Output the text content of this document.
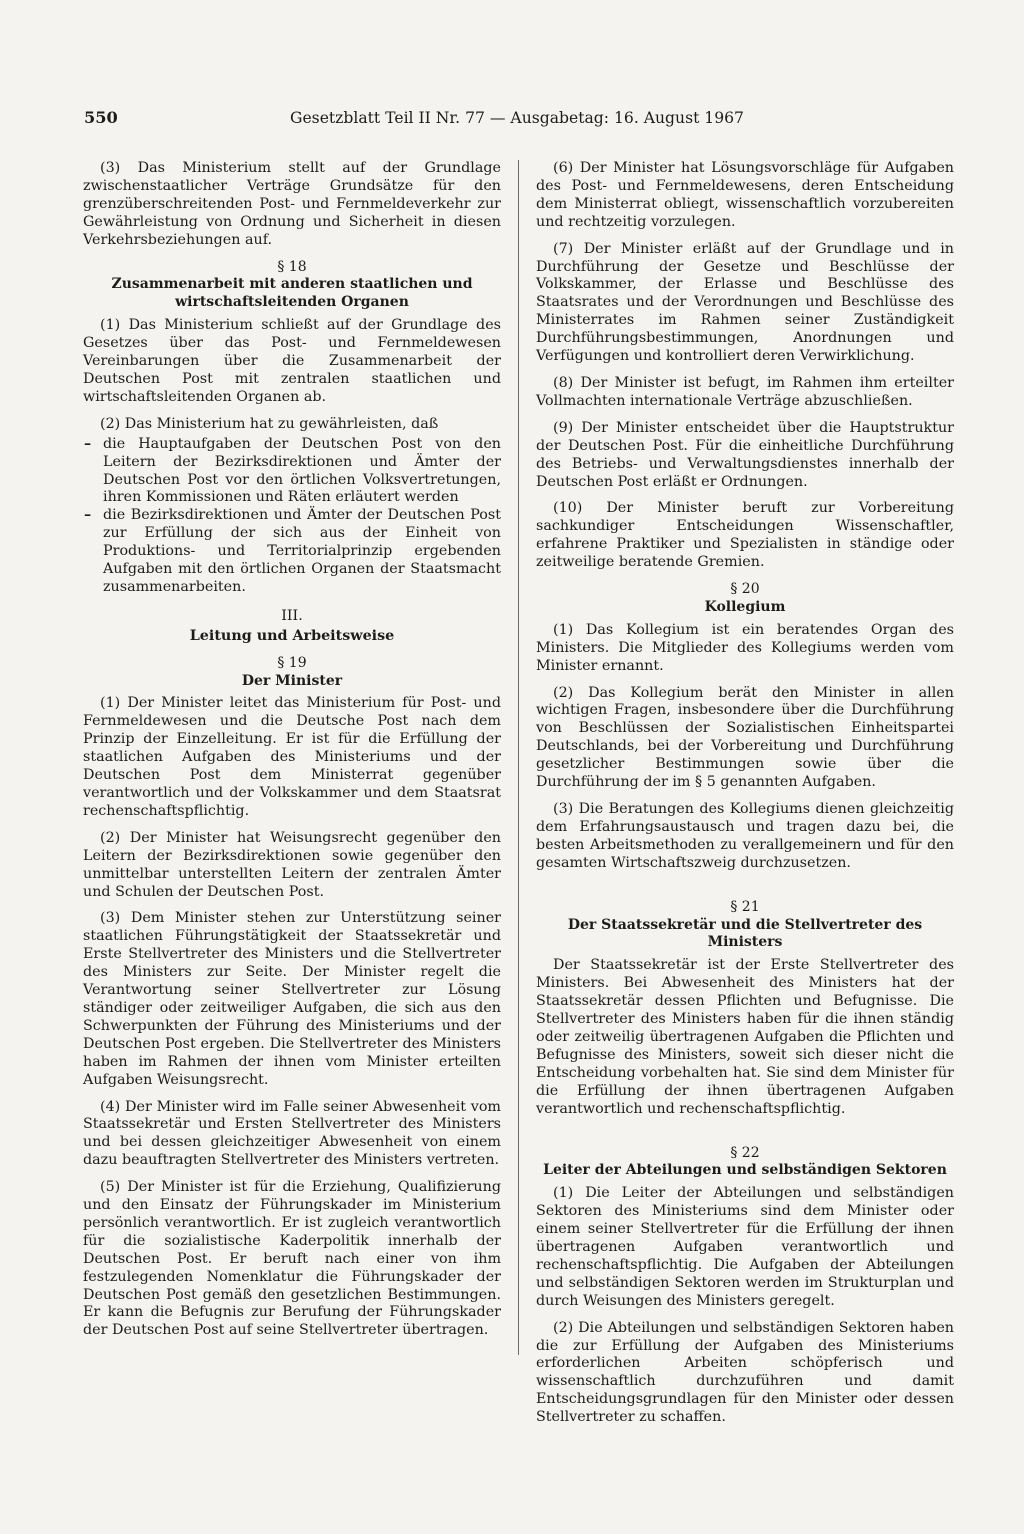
550	Gesetzblatt Teil II Nr. 77 — Ausgabetag: 16. August 1967

(3) Das Ministerium stellt auf der Grundlage zwischenstaatlicher Verträge Grundsätze für den grenzüberschreitenden Post- und Fernmeldeverkehr zur Gewährleistung von Ordnung und Sicherheit in diesen Verkehrsbeziehungen auf.

§ 18
Zusammenarbeit mit anderen staatlichen und wirtschaftsleitenden Organen

(1) Das Ministerium schließt auf der Grundlage des Gesetzes über das Post- und Fernmeldewesen Vereinbarungen über die Zusammenarbeit der Deutschen Post mit zentralen staatlichen und wirtschaftsleitenden Organen ab.

(2) Das Ministerium hat zu gewährleisten, daß

– die Hauptaufgaben der Deutschen Post von den Leitern der Bezirksdirektionen und Ämter der Deutschen Post vor den örtlichen Volksvertretungen, ihren Kommissionen und Räten erläutert werden
– die Bezirksdirektionen und Ämter der Deutschen Post zur Erfüllung der sich aus der Einheit von Produktions- und Territorialprinzip ergebenden Aufgaben mit den örtlichen Organen der Staatsmacht zusammenarbeiten.
III.
Leitung und Arbeitsweise
§ 19
Der Minister

(1) Der Minister leitet das Ministerium für Post- und Fernmeldewesen und die Deutsche Post nach dem Prinzip der Einzelleitung. Er ist für die Erfüllung der staatlichen Aufgaben des Ministeriums und der Deutschen Post dem Ministerrat gegenüber verantwortlich und der Volkskammer und dem Staatsrat rechenschaftspflichtig.

(2) Der Minister hat Weisungsrecht gegenüber den Leitern der Bezirksdirektionen sowie gegenüber den unmittelbar unterstellten Leitern der zentralen Ämter und Schulen der Deutschen Post.

(3) Dem Minister stehen zur Unterstützung seiner staatlichen Führungstätigkeit der Staatssekretär und Erste Stellvertreter des Ministers und die Stellvertreter des Ministers zur Seite. Der Minister regelt die Verantwortung seiner Stellvertreter zur Lösung ständiger oder zeitweiliger Aufgaben, die sich aus den Schwerpunkten der Führung des Ministeriums und der Deutschen Post ergeben. Die Stellvertreter des Ministers haben im Rahmen der ihnen vom Minister erteilten Aufgaben Weisungsrecht.

(4) Der Minister wird im Falle seiner Abwesenheit vom Staatssekretär und Ersten Stellvertreter des Ministers und bei dessen gleichzeitiger Abwesenheit von einem dazu beauftragten Stellvertreter des Ministers vertreten.

(5) Der Minister ist für die Erziehung, Qualifizierung und den Einsatz der Führungskader im Ministerium persönlich verantwortlich. Er ist zugleich verantwortlich für die sozialistische Kaderpolitik innerhalb der Deutschen Post. Er beruft nach einer von ihm festzulegenden Nomenklatur die Führungskader der Deutschen Post gemäß den gesetzlichen Bestimmungen. Er kann die Befugnis zur Berufung der Führungskader der Deutschen Post auf seine Stellvertreter übertragen.

(6) Der Minister hat Lösungsvorschläge für Aufgaben des Post- und Fernmeldewesens, deren Entscheidung dem Ministerrat obliegt, wissenschaftlich vorzubereiten und rechtzeitig vorzulegen.

(7) Der Minister erläßt auf der Grundlage und in Durchführung der Gesetze und Beschlüsse der Volkskammer, der Erlasse und Beschlüsse des Staatsrates und der Verordnungen und Beschlüsse des Ministerrates im Rahmen seiner Zuständigkeit Durchführungsbestimmungen, Anordnungen und Verfügungen und kontrolliert deren Verwirklichung.

(8) Der Minister ist befugt, im Rahmen ihm erteilter Vollmachten internationale Verträge abzuschließen.

(9) Der Minister entscheidet über die Hauptstruktur der Deutschen Post. Für die einheitliche Durchführung des Betriebs- und Verwaltungsdienstes innerhalb der Deutschen Post erläßt er Ordnungen.

(10) Der Minister beruft zur Vorbereitung sachkundiger Entscheidungen Wissenschaftler, erfahrene Praktiker und Spezialisten in ständige oder zeitweilige beratende Gremien.

§ 20
Kollegium

(1) Das Kollegium ist ein beratendes Organ des Ministers. Die Mitglieder des Kollegiums werden vom Minister ernannt.

(2) Das Kollegium berät den Minister in allen wichtigen Fragen, insbesondere über die Durchführung von Beschlüssen der Sozialistischen Einheitspartei Deutschlands, bei der Vorbereitung und Durchführung gesetzlicher Bestimmungen sowie über die Durchführung der im § 5 genannten Aufgaben.

(3) Die Beratungen des Kollegiums dienen gleichzeitig dem Erfahrungsaustausch und tragen dazu bei, die besten Arbeitsmethoden zu verallgemeinern und für den gesamten Wirtschaftszweig durchzusetzen.

§ 21
Der Staatssekretär und die Stellvertreter des Ministers

Der Staatssekretär ist der Erste Stellvertreter des Ministers. Bei Abwesenheit des Ministers hat der Staatssekretär dessen Pflichten und Befugnisse. Die Stellvertreter des Ministers haben für die ihnen ständig oder zeitweilig übertragenen Aufgaben die Pflichten und Befugnisse des Ministers, soweit sich dieser nicht die Entscheidung vorbehalten hat. Sie sind dem Minister für die Erfüllung der ihnen übertragenen Aufgaben verantwortlich und rechenschaftspflichtig.

§ 22
Leiter der Abteilungen und selbständigen Sektoren

(1) Die Leiter der Abteilungen und selbständigen Sektoren des Ministeriums sind dem Minister oder einem seiner Stellvertreter für die Erfüllung der ihnen übertragenen Aufgaben verantwortlich und rechenschaftspflichtig. Die Aufgaben der Abteilungen und selbständigen Sektoren werden im Strukturplan und durch Weisungen des Ministers geregelt.

(2) Die Abteilungen und selbständigen Sektoren haben die zur Erfüllung der Aufgaben des Ministeriums erforderlichen Arbeiten schöpferisch und wissenschaftlich durchzuführen und damit Entscheidungsgrundlagen für den Minister oder dessen Stellvertreter zu schaffen.
